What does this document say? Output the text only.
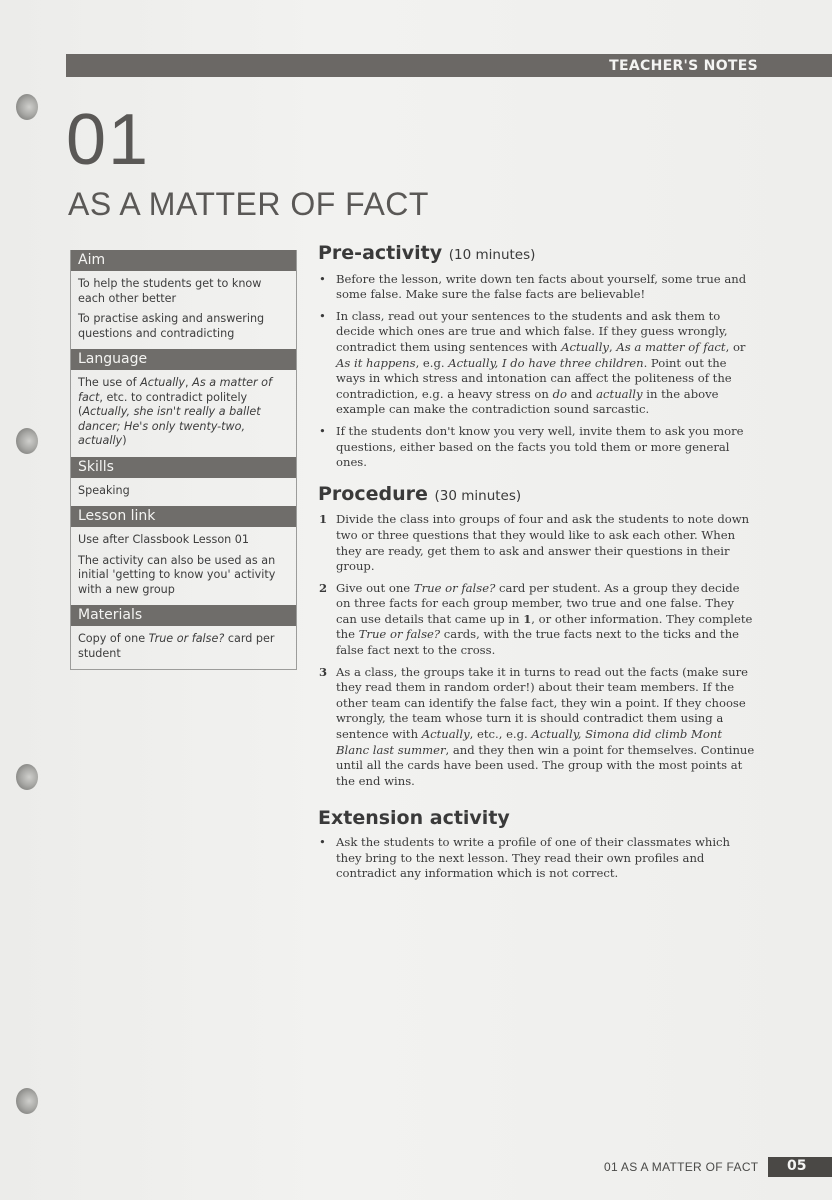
TEACHER'S NOTES
01
AS A MATTER OF FACT
Aim

To help the students get to know each other better

To practise asking and answering questions and contradicting

Language

The use of Actually, As a matter of fact, etc. to contradict politely (Actually, she isn't really a ballet dancer; He's only twenty-two, actually)

Skills

Speaking

Lesson link

Use after Classbook Lesson 01

The activity can also be used as an initial 'getting to know you' activity with a new group

Materials

Copy of one True or false? card per student

Pre-activity (10 minutes)
• Before the lesson, write down ten facts about yourself, some true and some false. Make sure the false facts are believable!
• In class, read out your sentences to the students and ask them to decide which ones are true and which false. If they guess wrongly, contradict them using sentences with Actually, As a matter of fact, or As it happens, e.g. Actually, I do have three children. Point out the ways in which stress and intonation can affect the politeness of the contradiction, e.g. a heavy stress on do and actually in the above example can make the contradiction sound sarcastic.
• If the students don't know you very well, invite them to ask you more questions, either based on the facts you told them or more general ones.
Procedure (30 minutes)
1 Divide the class into groups of four and ask the students to note down two or three questions that they would like to ask each other. When they are ready, get them to ask and answer their questions in their group.
2 Give out one True or false? card per student. As a group they decide on three facts for each group member, two true and one false. They can use details that came up in 1, or other information. They complete the True or false? cards, with the true facts next to the ticks and the false fact next to the cross.
3 As a class, the groups take it in turns to read out the facts (make sure they read them in random order!) about their team members. If the other team can identify the false fact, they win a point. If they choose wrongly, the team whose turn it is should contradict them using a sentence with Actually, etc., e.g. Actually, Simona did climb Mont Blanc last summer, and they then win a point for themselves. Continue until all the cards have been used. The group with the most points at the end wins.
Extension activity
• Ask the students to write a profile of one of their classmates which they bring to the next lesson. They read their own profiles and contradict any information which is not correct.
01 AS A MATTER OF FACT 05
